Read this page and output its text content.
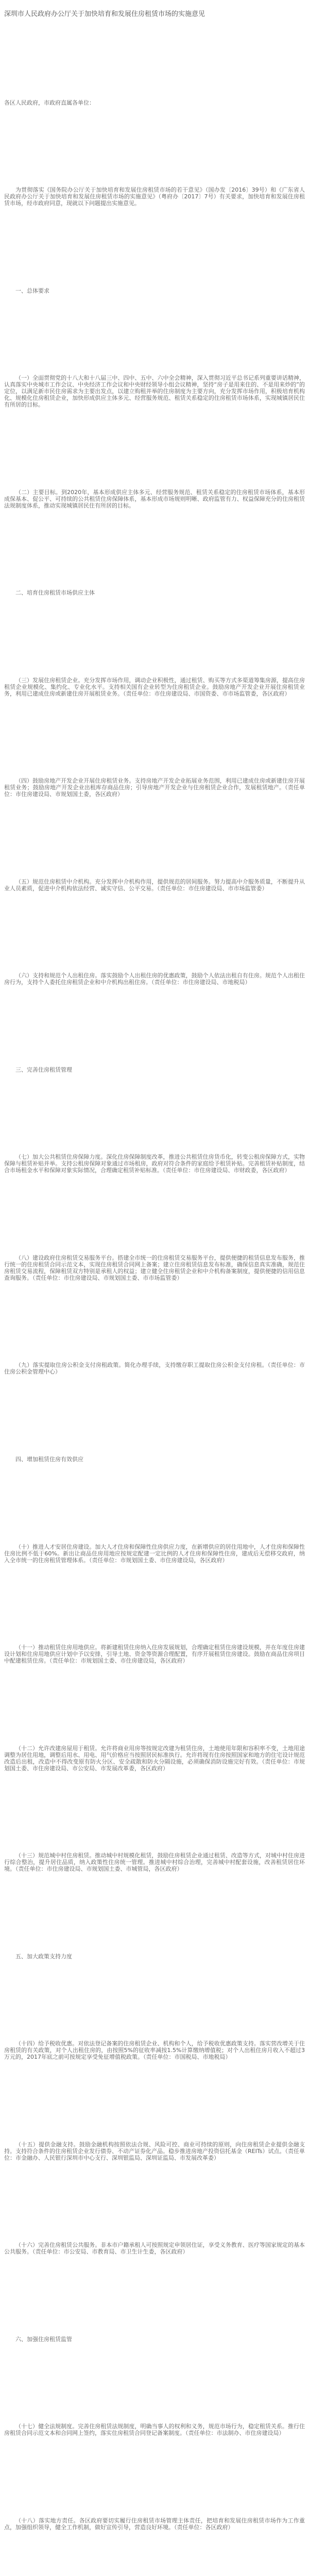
深圳市人民政府办公厅关于加快培育和发展住房租赁市场的实施意见
各区人民政府，市政府直属各单位：
为贯彻落实《国务院办公厅关于加快培育和发展住房租赁市场的若干意见》（国办发〔2016〕39号）和《广东省人民政府办公厅关于加快培育和发展住房租赁市场的实施意见》（粤府办〔2017〕7号）有关要求，加快培育和发展住房租赁市场，经市政府同意，现就以下问题提出实施意见。
一、总体要求
（一）全面贯彻党的十八大和十八届三中、四中、五中、六中全会精神，深入贯彻习近平总书记系列重要讲话精神，认真落实中央城市工作会议、中央经济工作会议和中央财经领导小组会议精神，坚持“房子是用来住的、不是用来炒的”的定位，以满足新市民住房需求为主要出发点，以建立购租并举的住房制度为主要方向，充分发挥市场作用，积极培育机构化、规模化住房租赁企业，加快形成供应主体多元、经营服务规范、租赁关系稳定的住房租赁市场体系，实现城镇居民住有所居的目标。
（二）主要目标。到2020年，基本形成供应主体多元、经营服务规范、租赁关系稳定的住房租赁市场体系，基本形成保基本、促公平、可持续的公共租赁住房保障体系，基本形成市场规则明晰、政府监管有力、权益保障充分的住房租赁法规制度体系，推动实现城镇居民住有所居的目标。
二、培育住房租赁市场供应主体
（三）发展住房租赁企业。充分发挥市场作用，调动企业积极性，通过租赁、购买等方式多渠道筹集房源，提高住房租赁企业规模化、集约化、专业化水平。支持相关国有企业转型为住房租赁企业。鼓励房地产开发企业开展住房租赁业务，利用已建成住房或新建住房开展租赁业务。（责任单位：市住房建设局、市国资委、市市场监管委，各区政府）
（四）鼓励房地产开发企业开展住房租赁业务。支持房地产开发企业拓展业务范围，利用已建成住房或新建住房开展租赁业务；鼓励房地产开发企业出租库存商品住房；引导房地产开发企业与住房租赁企业合作，发展租赁地产。（责任单位：市住房建设局、市规划国土委，各区政府）
（五）规范住房租赁中介机构。充分发挥中介机构作用，提供规范的居间服务。努力提高中介服务质量，不断提升从业人员素质，促进中介机构依法经营、诚实守信、公平交易。（责任单位：市住房建设局、市市场监管委）
（六）支持和规范个人出租住房。落实鼓励个人出租住房的优惠政策，鼓励个人依法出租自有住房。规范个人出租住房行为，支持个人委托住房租赁企业和中介机构出租住房。（责任单位：市住房建设局、市地税局）
三、完善住房租赁管理
（七）加大公共租赁住房保障力度。深化住房保障制度改革，推进公共租赁住房货币化，转变公租房保障方式，实物保障与租赁补贴并举。支持公租房保障对象通过市场租房，政府对符合条件的家庭给予租赁补贴。完善租赁补贴制度，结合市场租金水平和保障对象实际情况，合理确定租赁补贴标准。（责任单位：市住房建设局、市财政委，各区政府）
（八）建设政府住房租赁交易服务平台。搭建全市统一的住房租赁交易服务平台，提供便捷的租赁信息发布服务，推行统一的住房租赁合同示范文本，实现住房租赁合同网上备案；建立住房租赁信息发布标准，确保信息真实准确，规范住房租赁交易流程，保障租赁双方特别是承租人的权益；建立健全住房租赁企业和中介机构备案制度，提供便捷的信用信息查询服务。（责任单位：市住房建设局、市规划国土委、市市场监管委）
（九）落实提取住房公积金支付房租政策。简化办理手续，支持缴存职工提取住房公积金支付房租。（责任单位：市住房公积金管理中心）
四、增加租赁住房有效供应
（十）推进人才安居住房建设。加大人才住房和保障性住房供应力度，在新增供应的居住用地中，人才住房和保障性住房比例不低于60%。新出让商品住房用地应按规定配建一定比例的人才住房和保障性住房，建成后无偿移交政府，纳入全市统一的住房租赁管理体系。（责任单位：市规划国土委、市住房建设局，各区政府）
（十一）推动租赁住房用地供应。将新建租赁住房纳入住房发展规划，合理确定租赁住房建设规模，并在年度住房建设计划和住房用地供应计划中予以安排，引导土地、资金等资源合理配置，有序开展租赁住房建设。鼓励在商品住房项目中配建租赁住房。（责任单位：市规划国土委、市住房建设局，各区政府）
（十二）允许改建房屋用于租赁。允许将商业用房等按规定改建为租赁住房，土地使用年限和容积率不变，土地用途调整为居住用地，调整后用水、用电、用气价格应当按照居民标准执行。允许将现有住房按照国家和地方的住宅设计规范改造后出租，改造中不得改变原有防火分区、安全疏散和防火分隔设施，必须确保消防设施完好有效。（责任单位：市规划国土委、市住房建设局、市公安局、市发展改革委，各区政府）
（十三）规范城中村住房租赁。推动城中村规模化租赁，鼓励住房租赁企业通过租赁、改造等方式，对城中村住房进行综合整治，提升居住品质，纳入政策性住房统一管理。推进城中村综合治理，完善城中村配套设施，改善租赁居住环境。（责任单位：市住房建设局、市规划国土委、市城管局，各区政府）
五、加大政策支持力度
（十四）给予税收优惠。对依法登记备案的住房租赁企业、机构和个人，给予税收优惠政策支持。落实营改增关于住房租赁的有关政策，对个人出租住房的，由按照5%的征收率减按1.5%计算缴纳增值税；对个人出租住房月收入不超过3万元的，2017年底之前可按规定享受免征增值税政策。（责任单位：市国税局、市地税局）
（十五）提供金融支持。鼓励金融机构按照依法合规、风险可控、商业可持续的原则，向住房租赁企业提供金融支持。支持符合条件的住房租赁企业发行债券、不动产证券化产品。稳步推进房地产投资信托基金（REITs）试点。（责任单位：市金融办、人民银行深圳市中心支行、深圳银监局、深圳证监局、市发展改革委）
（十六）完善住房租赁公共服务。非本市户籍承租人可按照规定申领居住证，享受义务教育、医疗等国家规定的基本公共服务。（责任单位：市公安局、市教育局、市卫生计生委，各区政府）
六、加强住房租赁监管
（十七）健全法规制度。完善住房租赁法规制度，明确当事人的权利和义务，规范市场行为，稳定租赁关系。推行住房租赁合同示范文本和合同网上签约，落实住房租赁合同登记备案制度。（责任单位：市法制办、市住房建设局）
（十八）落实地方责任。各区政府要切实履行住房租赁市场管理主体责任，把培育和发展住房租赁市场作为工作重点，加强组织领导，健全工作机制，做好宣传引导，营造良好环境。（责任单位：各区政府）
